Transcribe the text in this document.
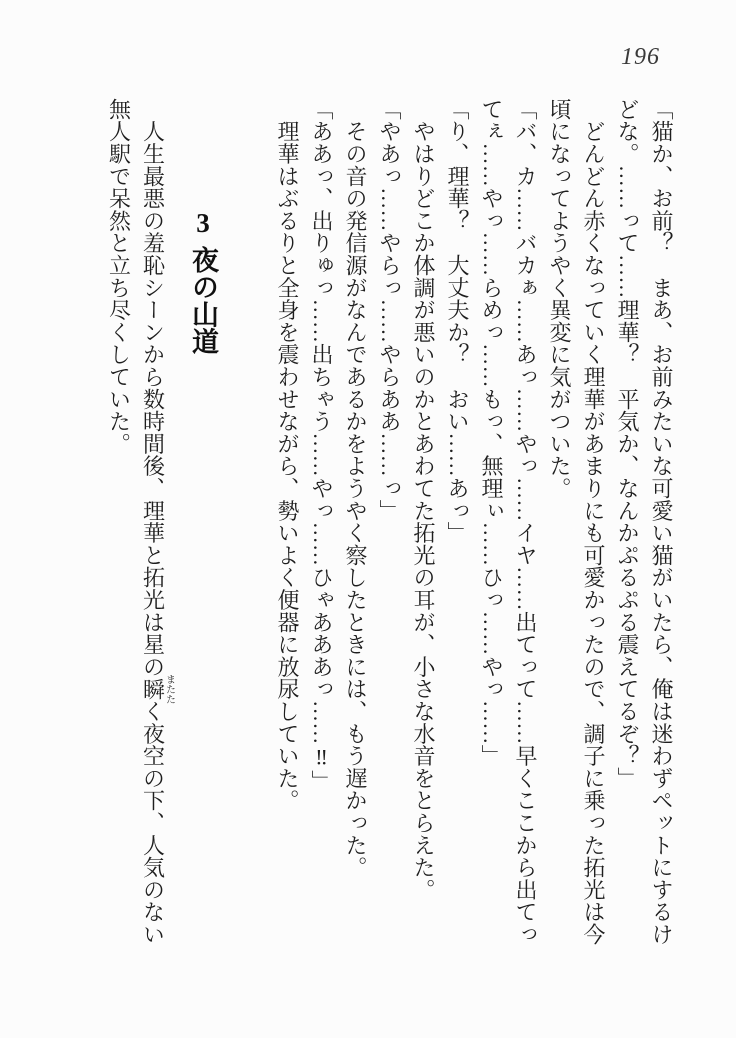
196

「猫か、お前？　まあ、お前みたいな可愛い猫がいたら、俺は迷わずペットにするけ

どな。……って……理華？　平気か、なんかぷるぷる震えてるぞ？」

　どんどん赤くなっていく理華があまりにも可愛かったので、調子に乗った拓光は今

頃になってようやく異変に気がついた。

「バ、カ……バカぁ……あっ……やっ……イヤ……出てって……早くここから出てっ

てぇ……やっ……らめっ……もっ、無理ぃ……ひっ……やっ……」

「り、理華？　大丈夫か？　おい……あっ」

　やはりどこか体調が悪いのかとあわてた拓光の耳が、小さな水音をとらえた。

「やあっ……やらっ……やらああ……っ」

　その音の発信源がなんであるかをようやく察したときには、もう遅かった。

「ああっ、出りゅっ……出ちゃう……やっ……ひゃあああっ……‼」

　理華はぶるりと全身を震わせながら、勢いよく便器に放尿していた。

3夜の山道

　人生最悪の羞恥シーンから数時間後、理華と拓光は星の瞬またたく夜空の下、人気のない

無人駅で呆然と立ち尽くしていた。
